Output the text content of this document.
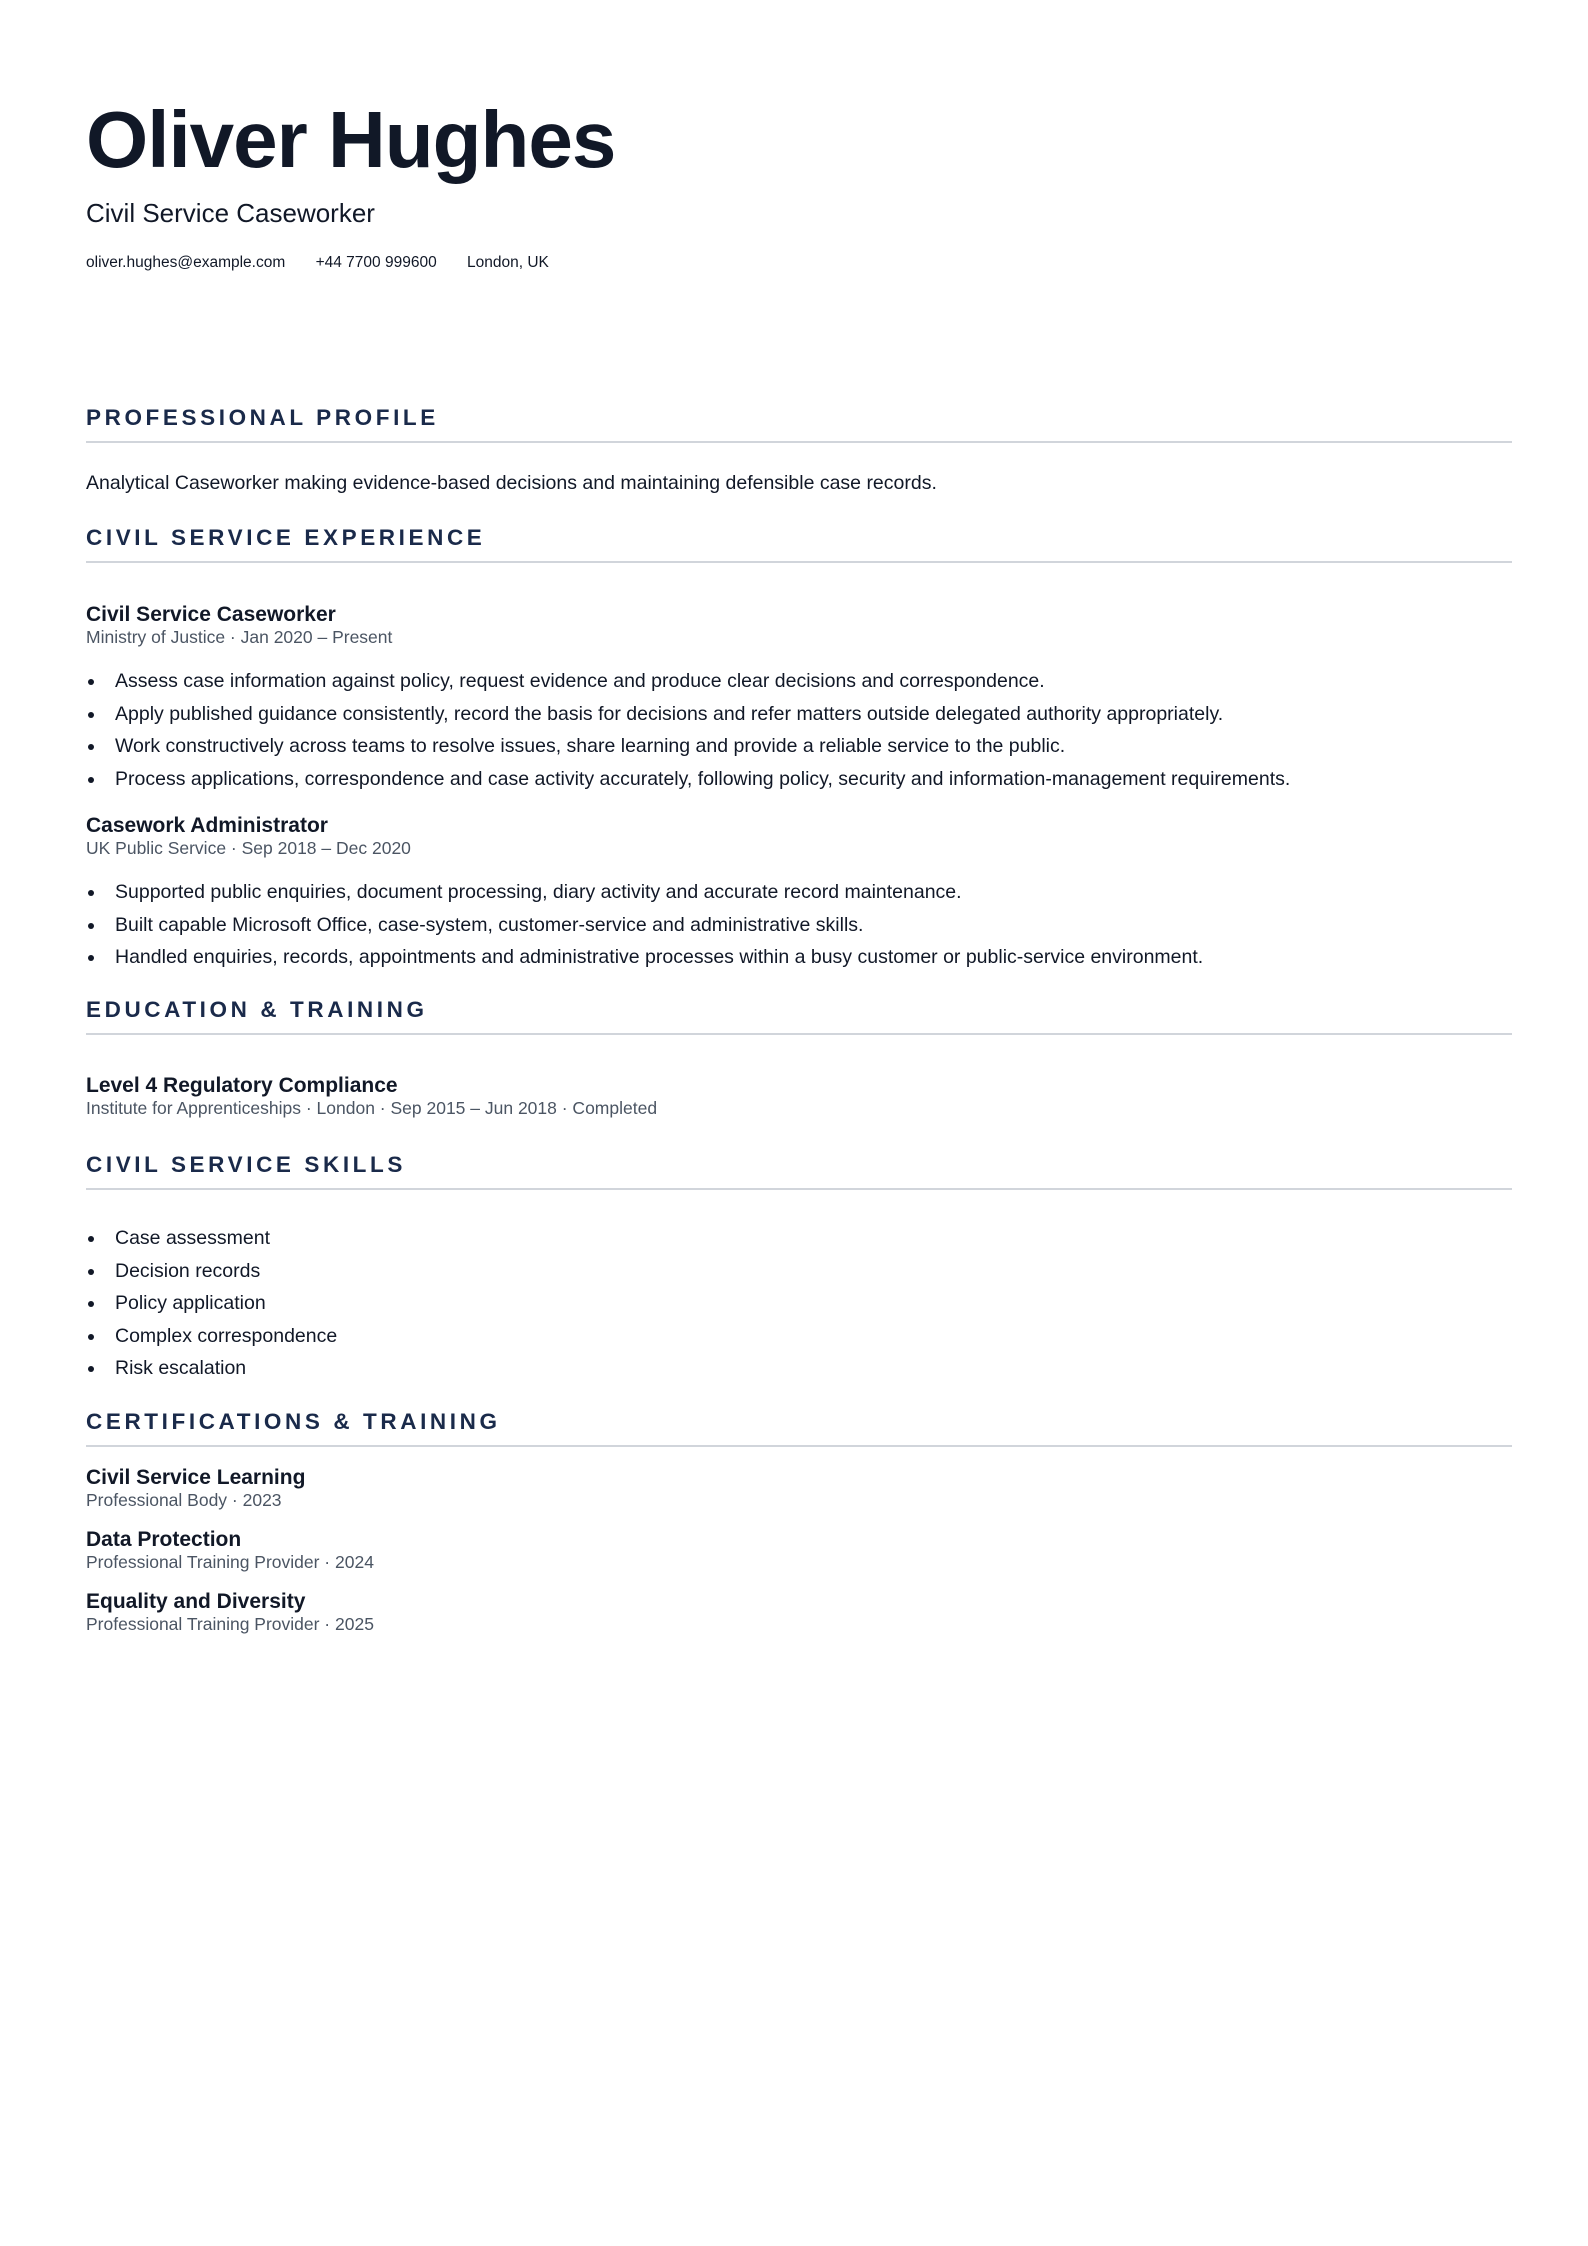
Oliver Hughes
Civil Service Caseworker
oliver.hughes@example.com +44 7700 999600 London, UK
PROFESSIONAL PROFILE
Analytical Caseworker making evidence-based decisions and maintaining defensible case records.
CIVIL SERVICE EXPERIENCE
Civil Service Caseworker
Ministry of Justice · Jan 2020 – Present
Assess case information against policy, request evidence and produce clear decisions and correspondence.
Apply published guidance consistently, record the basis for decisions and refer matters outside delegated authority appropriately.
Work constructively across teams to resolve issues, share learning and provide a reliable service to the public.
Process applications, correspondence and case activity accurately, following policy, security and information-management requirements.
Casework Administrator
UK Public Service · Sep 2018 – Dec 2020
Supported public enquiries, document processing, diary activity and accurate record maintenance.
Built capable Microsoft Office, case-system, customer-service and administrative skills.
Handled enquiries, records, appointments and administrative processes within a busy customer or public-service environment.
EDUCATION & TRAINING
Level 4 Regulatory Compliance
Institute for Apprenticeships · London · Sep 2015 – Jun 2018 · Completed
CIVIL SERVICE SKILLS
Case assessment
Decision records
Policy application
Complex correspondence
Risk escalation
CERTIFICATIONS & TRAINING
Civil Service Learning
Professional Body · 2023
Data Protection
Professional Training Provider · 2024
Equality and Diversity
Professional Training Provider · 2025
